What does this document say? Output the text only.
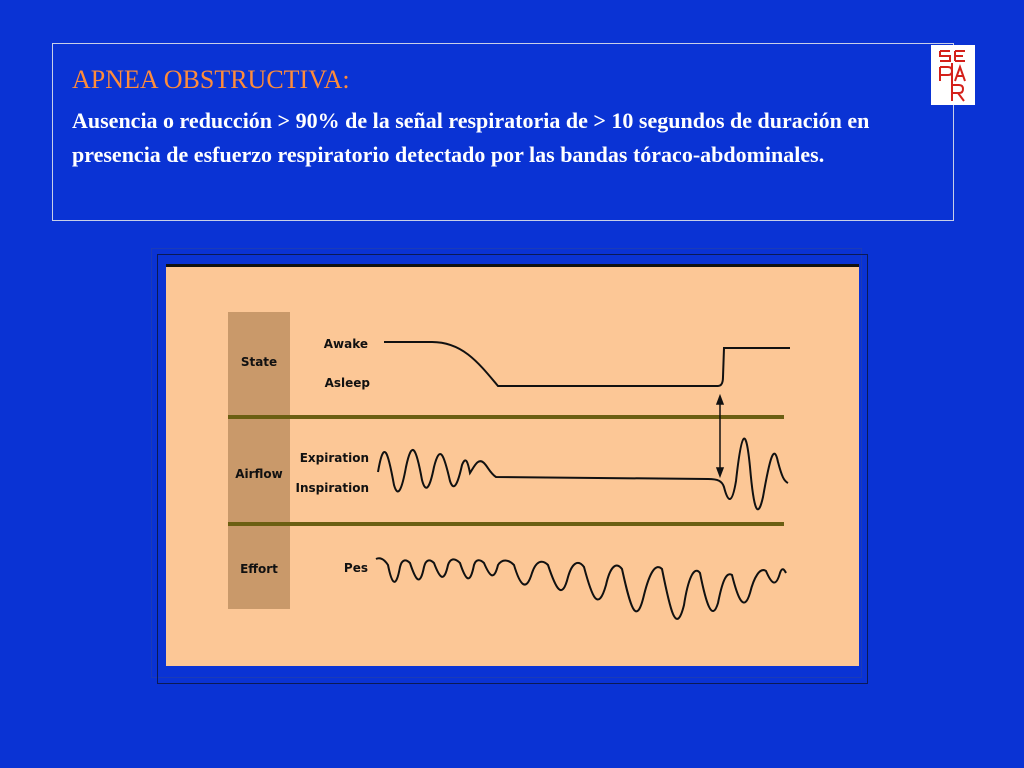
APNEA OBSTRUCTIVA:
Ausencia o reducción > 90% de la señal respiratoria de > 10 segundos de duración en presencia de esfuerzo respiratorio detectado por las bandas tóraco-abdominales.
State
Airflow
Effort
Awake
Asleep
Expiration
Inspiration
Pes
